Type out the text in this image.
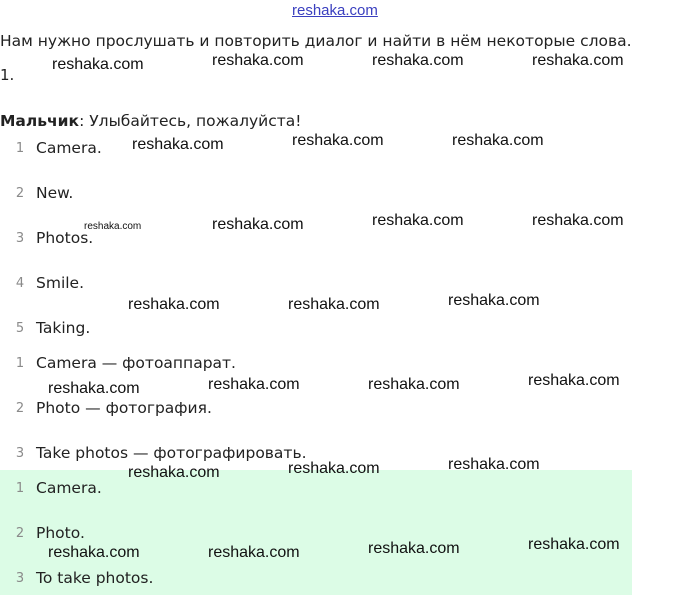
reshaka.com
Нам нужно прослушать и повторить диалог и найти в нём некоторые слова.
1.
Мальчик: Улыбайтесь, пожалуйста!
1 Camera.
2 New.
3 Photos.
4 Smile.
5 Taking.
1 Camera — фотоаппарат.
2 Photo — фотография.
3 Take photos — фотографировать.
1 Camera.
2 Photo.
3 To take photos.
reshaka.com	reshaka.com	reshaka.com	reshaka.com
reshaka.com	reshaka.com	reshaka.com
reshaka.com	reshaka.com	reshaka.com	reshaka.com
reshaka.com	reshaka.com	reshaka.com
reshaka.com	reshaka.com	reshaka.com	reshaka.com
reshaka.com	reshaka.com	reshaka.com
reshaka.com	reshaka.com	reshaka.com	reshaka.com
